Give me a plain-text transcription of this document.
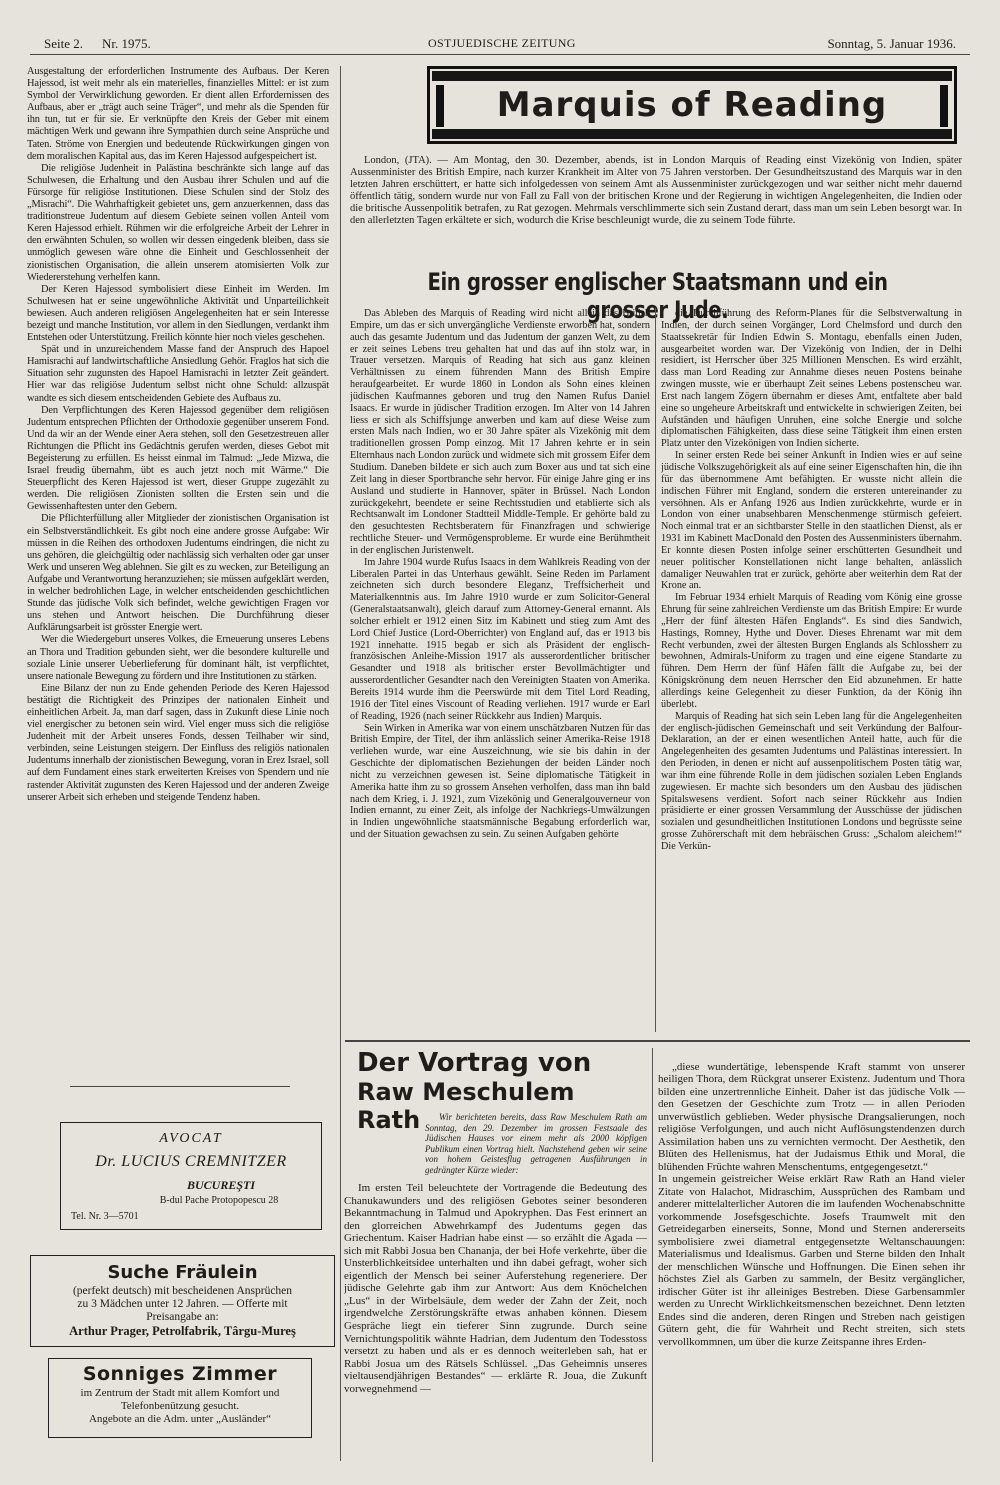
Seite 2. Nr. 1975.	OSTJUEDISCHE ZEITUNG	Sonntag, 5. Januar 1936.

Ausgestaltung der erforderlichen Instrumente des Aufbaus. Der Keren Hajessod, ist weit mehr als ein materielles, finanzielles Mittel: er ist zum Symbol der Verwirklichung geworden. Er dient allen Erfordernissen des Aufbaus, aber er „trägt auch seine Träger“, und mehr als die Spenden für ihn tun, tut er für sie. Er verknüpfte den Kreis der Geber mit einem mächtigen Werk und gewann ihre Sympathien durch seine Ansprüche und Taten. Ströme von Energien und bedeutende Rückwirkungen gingen von dem moralischen Kapital aus, das im Keren Hajessod aufgespeichert ist.

Die religiöse Judenheit in Palästina beschränkte sich lange auf das Schulwesen, die Erhaltung und den Ausbau ihrer Schulen und auf die Fürsorge für religiöse Institutionen. Diese Schulen sind der Stolz des „Misrachi“. Die Wahrhaftigkeit gebietet uns, gern anzuerkennen, dass das traditionstreue Judentum auf diesem Gebiete seinen vollen Anteil vom Keren Hajessod erhielt. Rühmen wir die erfolgreiche Arbeit der Lehrer in den erwähnten Schulen, so wollen wir dessen eingedenk bleiben, dass sie unmöglich gewesen wäre ohne die Einheit und Geschlossenheit der zionistischen Organisation, die allein unserem atomisierten Volk zur Wiedererstehung verhelfen kann.

Der Keren Hajessod symbolisiert diese Einheit im Werden. Im Schulwesen hat er seine ungewöhnliche Aktivität und Unparteilichkeit bewiesen. Auch anderen religiösen Angelegenheiten hat er sein Interesse bezeigt und manche Institution, vor allem in den Siedlungen, verdankt ihm Entstehen oder Unterstützung. Freilich könnte hier noch vieles geschehen.

Spät und in unzureichendem Masse fand der Anspruch des Hapoel Hamisrachi auf landwirtschaftliche Ansiedlung Gehör. Fraglos hat sich die Situation sehr zugunsten des Hapoel Hamisrachi in letzter Zeit geändert. Hier war das religiöse Judentum selbst nicht ohne Schuld: allzuspät wandte es sich diesem entscheidenden Gebiete des Aufbaus zu.

Den Verpflichtungen des Keren Hajessod gegenüber dem religiösen Judentum entsprechen Pflichten der Orthodoxie gegenüber unserem Fond. Und da wir an der Wende einer Aera stehen, soll den Gesetzestreuen aller Richtungen die Pflicht ins Gedächtnis gerufen werden, dieses Gebot mit Begeisterung zu erfüllen. Es heisst einmal im Talmud: „Jede Mizwa, die Israel freudig übernahm, übt es auch jetzt noch mit Wärme.“ Die Steuerpflicht des Keren Hajessod ist wert, dieser Gruppe zugezählt zu werden. Die religiösen Zionisten sollten die Ersten sein und die Gewissenhaftesten unter den Gebern.

Die Pflichterfüllung aller Mitglieder der zionistischen Organisation ist ein Selbstverständlichkeit. Es gibt noch eine andere grosse Aufgabe: Wir müssen in die Reihen des orthodoxen Judentums eindringen, die nicht zu uns gehören, die gleichgültig oder nachlässig sich verhalten oder gar unser Werk und unseren Weg ablehnen. Sie gilt es zu wecken, zur Beteiligung an Aufgabe und Verantwortung heranzuziehen; sie müssen aufgeklärt werden, in welcher bedrohlichen Lage, in welcher entscheidenden geschichtlichen Stunde das jüdische Volk sich befindet, welche gewichtigen Fragen vor uns stehen und Antwort heischen. Die Durchführung dieser Aufklärungsarbeit ist grösster Energie wert.

Wer die Wiedergeburt unseres Volkes, die Erneuerung unseres Lebens an Thora und Tradition gebunden sieht, wer die besondere kulturelle und soziale Linie unserer Ueberlieferung für dominant hält, ist verpflichtet, unsere nationale Bewegung zu fördern und ihre Institutionen zu stärken.

Eine Bilanz der nun zu Ende gehenden Periode des Keren Hajessod bestätigt die Richtigkeit des Prinzipes der nationalen Einheit und einheitlichen Arbeit. Ja, man darf sagen, dass in Zukunft diese Linie noch viel energischer zu betonen sein wird. Viel enger muss sich die religiöse Judenheit mit der Arbeit unseres Fonds, dessen Teilhaber wir sind, verbinden, seine Leistungen steigern. Der Einfluss des religiös nationalen Judentums innerhalb der zionistischen Bewegung, voran in Erez Israel, soll auf dem Fundament eines stark erweiterten Kreises von Spendern und nie rastender Aktivität zugunsten des Keren Hajessod und der anderen Zweige unserer Arbeit sich erheben und steigende Tendenz haben.

AVOCAT
Dr. LUCIUS CREMNITZER
BUCUREŞTI
B-dul Pache Protopopescu 28
Tel. Nr. 3—5701
Suche Fräulein
(perfekt deutsch) mit bescheidenen Ansprüchen
zu 3 Mädchen unter 12 Jahren. — Offerte mit
Preisangabe an:
Arthur Prager, Petrolfabrik, Târgu-Mureş
Sonniges Zimmer
im Zentrum der Stadt mit allem Komfort und
Telefonbenützung gesucht.
Angebote an die Adm. unter „Ausländer“
Marquis of Reading

London, (JTA). — Am Montag, den 30. Dezember, abends, ist in London Marquis of Reading einst Vizekönig von Indien, später Aussenminister des British Empire, nach kurzer Krankheit im Alter von 75 Jahren verstorben. Der Gesundheitszustand des Marquis war in den letzten Jahren erschüttert, er hatte sich infolgedessen von seinem Amt als Aussenminister zurückgezogen und war seither nicht mehr dauernd öffentlich tätig, sondern wurde nur von Fall zu Fall von der britischen Krone und der Regierung in wichtigen Angelegenheiten, die Indien oder die britische Aussenpolitik betrafen, zu Rat gezogen. Mehrmals verschlimmerte sich sein Zustand derart, dass man um sein Leben besorgt war. In den allerletzten Tagen erkältete er sich, wodurch die Krise beschleunigt wurde, die zu seinem Tode führte.

Ein grosser englischer Staatsmann und ein grosser Jude.

Das Ableben des Marquis of Reading wird nicht allein das British Empire, um das er sich unvergängliche Verdienste erworben hat, sondern auch das gesamte Judentum und das Judentum der ganzen Welt, zu dem er zeit seines Lebens treu gehalten hat und das auf ihn stolz war, in Trauer versetzen. Marquis of Reading hat sich aus ganz kleinen Verhältnissen zu einem führenden Mann des British Empire heraufgearbeitet. Er wurde 1860 in London als Sohn eines kleinen jüdischen Kaufmannes geboren und trug den Namen Rufus Daniel Isaacs. Er wurde in jüdischer Tradition erzogen. Im Alter von 14 Jahren liess er sich als Schiffsjunge anwerben und kam auf diese Weise zum ersten Mals nach Indien, wo er 30 Jahre später als Vizekönig mit dem traditionellen grossen Pomp einzog. Mit 17 Jahren kehrte er in sein Elternhaus nach London zurück und widmete sich mit grossem Eifer dem Studium. Daneben bildete er sich auch zum Boxer aus und tat sich eine Zeit lang in dieser Sportbranche sehr hervor. Für einige Jahre ging er ins Ausland und studierte in Hannover, später in Brüssel. Nach London zurückgekehrt, beendete er seine Rechtsstudien und etablierte sich als Rechtsanwalt im Londoner Stadtteil Middle-Temple. Er gehörte bald zu den gesuchtesten Rechtsberatern für Finanzfragen und schwierige rechtliche Steuer- und Vermögensprobleme. Er wurde eine Berühmtheit in der englischen Juristenwelt.

Im Jahre 1904 wurde Rufus Isaacs in dem Wahlkreis Reading von der Liberalen Partei in das Unterhaus gewählt. Seine Reden im Parlament zeichneten sich durch besondere Eleganz, Treffsicherheit und Materialkenntnis aus. Im Jahre 1910 wurde er zum Solicitor-General (Generalstaatsanwalt), gleich darauf zum Attorney-General ernannt. Als solcher erhielt er 1912 einen Sitz im Kabinett und stieg zum Amt des Lord Chief Justice (Lord-Oberrichter) von England auf, das er 1913 bis 1921 innehatte. 1915 begab er sich als Präsident der englisch-französischen Anleihe-Mission 1917 als ausserordentlicher britischer Gesandter und 1918 als britischer erster Bevollmächtigter und ausserordentlicher Gesandter nach den Vereinigten Staaten von Amerika. Bereits 1914 wurde ihm die Peerswürde mit dem Titel Lord Reading, 1916 der Titel eines Viscount of Reading verliehen. 1917 wurde er Earl of Reading, 1926 (nach seiner Rückkehr aus Indien) Marquis.

Sein Wirken in Amerika war von einem unschätzbaren Nutzen für das British Empire, der Titel, der ihm anlässlich seiner Amerika-Reise 1918 verliehen wurde, war eine Auszeichnung, wie sie bis dahin in der Geschichte der diplomatischen Beziehungen der beiden Länder noch nicht zu verzeichnen gewesen ist. Seine diplomatische Tätigkeit in Amerika hatte ihm zu so grossem Ansehen verholfen, dass man ihn bald nach dem Krieg, i. J. 1921, zum Vizekönig und Generalgouverneur von Indien ernannt, zu einer Zeit, als infolge der Nachkriegs-Umwälzungen in Indien ungewöhnliche staatsmännische Begabung erforderlich war, und der Situation gewachsen zu sein. Zu seinen Aufgaben gehörte

die Durchführung des Reform-Planes für die Selbstverwaltung in Indien, der durch seinen Vorgänger, Lord Chelmsford und durch den Staatssekretär für Indien Edwin S. Montagu, ebenfalls einen Juden, ausgearbeitet worden war. Der Vizekönig von Indien, der in Delhi residiert, ist Herrscher über 325 Millionen Menschen. Es wird erzählt, dass man Lord Reading zur Annahme dieses neuen Postens beinahe zwingen musste, wie er überhaupt Zeit seines Lebens postenscheu war. Erst nach langem Zögern übernahm er dieses Amt, entfaltete aber bald eine so ungeheure Arbeitskraft und entwickelte in schwierigen Zeiten, bei Aufständen und häufigen Unruhen, eine solche Energie und solche diplomatischen Fähigkeiten, dass diese seine Tätigkeit ihm einen ersten Platz unter den Vizekönigen von Indien sicherte.

In seiner ersten Rede bei seiner Ankunft in Indien wies er auf seine jüdische Volkszugehörigkeit als auf eine seiner Eigenschaften hin, die ihn für das übernommene Amt befähigten. Er wusste nicht allein die indischen Führer mit England, sondern die ersteren untereinander zu versöhnen. Als er Anfang 1926 aus Indien zurückkehrte, wurde er in London von einer unabsehbaren Menschenmenge stürmisch gefeiert. Noch einmal trat er an sichtbarster Stelle in den staatlichen Dienst, als er 1931 im Kabinett MacDonald den Posten des Aussenministers übernahm. Er konnte diesen Posten infolge seiner erschütterten Gesundheit und neuer politischer Konstellationen nicht lange behalten, anlässlich damaliger Neuwahlen trat er zurück, gehörte aber weiterhin dem Rat der Krone an.

Im Februar 1934 erhielt Marquis of Reading vom König eine grosse Ehrung für seine zahlreichen Verdienste um das British Empire: Er wurde „Herr der fünf ältesten Häfen Englands“. Es sind dies Sandwich, Hastings, Romney, Hythe und Dover. Dieses Ehrenamt war mit dem Recht verbunden, zwei der ältesten Burgen Englands als Schlossherr zu bewohnen, Admirals-Uniform zu tragen und eine eigene Standarte zu führen. Dem Herrn der fünf Häfen fällt die Aufgabe zu, bei der Königskrönung dem neuen Herrscher den Eid abzunehmen. Er hatte allerdings keine Gelegenheit zu dieser Funktion, da der König ihn überlebt.

Marquis of Reading hat sich sein Leben lang für die Angelegenheiten der englisch-jüdischen Gemeinschaft und seit Verkündung der Balfour-Deklaration, an der er einen wesentlichen Anteil hatte, auch für die Angelegenheiten des gesamten Judentums und Palästinas interessiert. In den Perioden, in denen er nicht auf aussenpolitischem Posten tätig war, war ihm eine führende Rolle in dem jüdischen sozialen Leben Englands zugewiesen. Er machte sich besonders um den Ausbau des jüdischen Spitalswesens verdient. Sofort nach seiner Rückkehr aus Indien präsidierte er einer grossen Versammlung der Ausschüsse der jüdischen sozialen und gesundheitlichen Institutionen Londons und begrüsste seine grosse Zuhörerschaft mit dem hebräischen Gruss: „Schalom aleichem!“ Die Verkün-

Der Vortrag von
Raw Meschulem Rath	Wir berichteten bereits, dass Raw Meschulem Rath am Sonntag, den 29. Dezember im grossen Festsaale des Jüdischen Hauses vor einem mehr als 2000 köpfigen Publikum einen Vortrag hielt. Nachstehend geben wir seine von hohem Geistesflug getragenen Ausführungen in gedrängter Kürze wieder:

Im ersten Teil beleuchtete der Vortragende die Bedeutung des Chanukawunders und des religiösen Gebotes seiner besonderen Bekanntmachung in Talmud und Apokryphen. Das Fest erinnert an den glorreichen Abwehrkampf des Judentums gegen das Griechentum. Kaiser Hadrian habe einst — so erzählt die Agada — sich mit Rabbi Josua ben Chananja, der bei Hofe verkehrte, über die Unsterblichkeitsidee unterhalten und ihn dabei gefragt, woher sich eigentlich der Mensch bei seiner Auferstehung regeneriere. Der jüdische Gelehrte gab ihm zur Antwort: Aus dem Knöchelchen „Lus“ in der Wirbelsäule, dem weder der Zahn der Zeit, noch irgendwelche Zerstörungskräfte etwas anhaben können. Diesem Gespräche liegt ein tieferer Sinn zugrunde. Durch seine Vernichtungspolitik wähnte Hadrian, dem Judentum den Todesstoss versetzt zu haben und als er es dennoch weiterleben sah, hat er Rabbi Josua um des Rätsels Schlüssel. „Das Geheimnis unseres vieltausendjährigen Bestandes“ — erklärte R. Joua, die Zukunft vorwegnehmend —

„diese wundertätige, lebenspende Kraft stammt von unserer heiligen Thora, dem Rückgrat unserer Existenz. Judentum und Thora bilden eine unzertrennliche Einheit. Daher ist das jüdische Volk — den Gesetzen der Geschichte zum Trotz — in allen Perioden unverwüstlich geblieben. Weder physische Drangsalierungen, noch religiöse Verfolgungen, und auch nicht Auflösungstendenzen durch Assimilation haben uns zu vernichten vermocht. Der Aesthetik, den Blüten des Hellenismus, hat der Judaismus Ethik und Moral, die blühenden Früchte wahren Menschentums, entgegengesetzt.“
In ungemein geistreicher Weise erklärt Raw Rath an Hand vieler Zitate von Halachot, Midraschim, Aussprüchen des Rambam und anderer mittelalterlicher Autoren die im laufenden Wochenabschnitte vorkommende Josefsgeschichte. Josefs Traumwelt mit den Getreidegarben einerseits, Sonne, Mond und Sternen andererseits symbolisiere zwei diametral entgegensetzte Weltanschauungen: Materialismus und Idealismus. Garben und Sterne bilden den Inhalt der menschlichen Wünsche und Hoffnungen. Die Einen sehen ihr höchstes Ziel als Garben zu sammeln, der Besitz vergänglicher, irdischer Güter ist ihr alleiniges Bestreben. Diese Garbensammler werden zu Unrecht Wirklichkeitsmenschen bezeichnet. Denn letzten Endes sind die anderen, deren Ringen und Streben nach geistigen Gütern geht, die für Wahrheit und Recht streiten, sich stets vervollkommnen, um über die kurze Zeitspanne ihres Erden-
